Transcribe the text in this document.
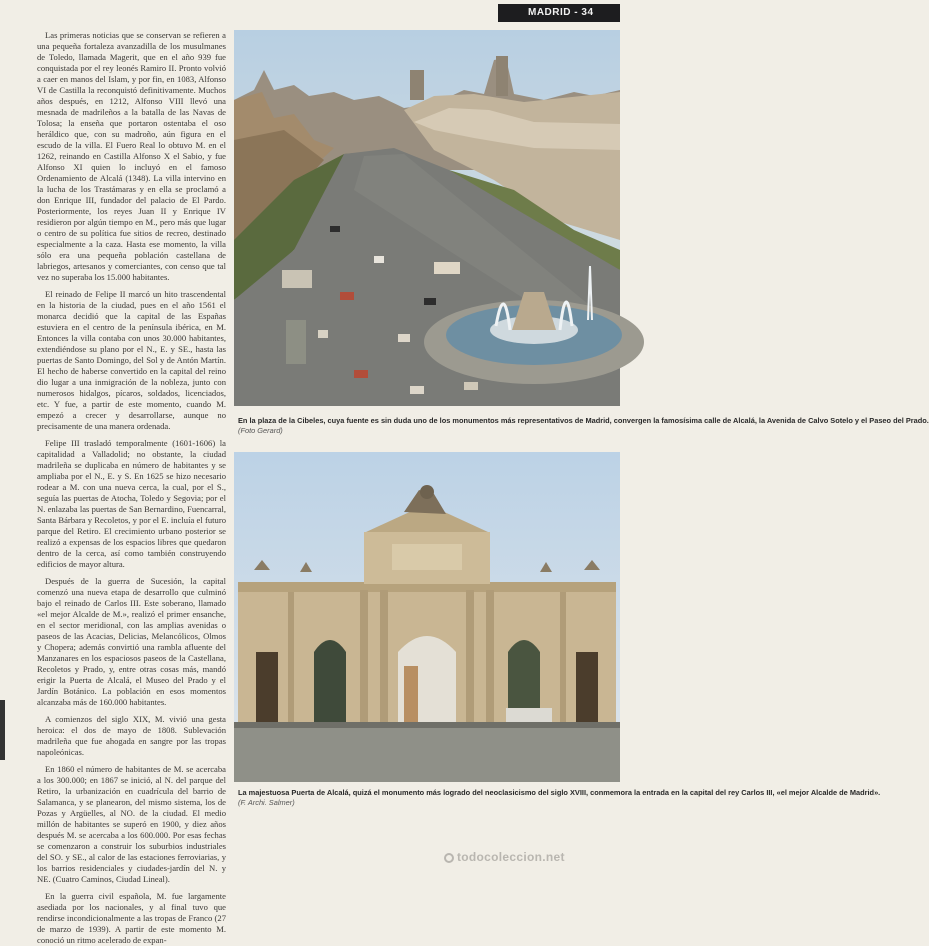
MADRID - 34

Las primeras noticias que se conservan se refieren a una pequeña fortaleza avanzadilla de los musulmanes de Toledo, llamada Magerit, que en el año 939 fue conquistada por el rey leonés Ramiro II. Pronto volvió a caer en manos del Islam, y por fin, en 1083, Alfonso VI de Castilla la reconquistó definitivamente. Muchos años después, en 1212, Alfonso VIII llevó una mesnada de madrileños a la batalla de las Navas de Tolosa; la enseña que portaron ostentaba el oso heráldico que, con su madroño, aún figura en el escudo de la villa. El Fuero Real lo obtuvo M. en el 1262, reinando en Castilla Alfonso X el Sabio, y fue Alfonso XI quien lo incluyó en el famoso Ordenamiento de Alcalá (1348). La villa intervino en la lucha de los Trastámaras y en ella se proclamó a don Enrique III, fundador del palacio de El Pardo. Posteriormente, los reyes Juan II y Enrique IV residieron por algún tiempo en M., pero más que lugar o centro de su política fue sitios de recreo, destinado especialmente a la caza. Hasta ese momento, la villa sólo era una pequeña población castellana de labriegos, artesanos y comerciantes, con censo que tal vez no superaba los 15.000 habitantes.

El reinado de Felipe II marcó un hito trascendental en la historia de la ciudad, pues en el año 1561 el monarca decidió que la capital de las Españas estuviera en el centro de la península ibérica, en M. Entonces la villa contaba con unos 30.000 habitantes, extendiéndose su plano por el N., E. y SE., hasta las puertas de Santo Domingo, del Sol y de Antón Martín. El hecho de haberse convertido en la capital del reino dio lugar a una inmigración de la nobleza, junto con numerosos hidalgos, pícaros, soldados, licenciados, etc. Y fue, a partir de este momento, cuando M. empezó a crecer y desarrollarse, aunque no precisamente de una manera ordenada.

Felipe III trasladó temporalmente (1601-1606) la capitalidad a Valladolid; no obstante, la ciudad madrileña se duplicaba en número de habitantes y se ampliaba por el N., E. y S. En 1625 se hizo necesario rodear a M. con una nueva cerca, la cual, por el S., seguía las puertas de Atocha, Toledo y Segovia; por el N. enlazaba las puertas de San Bernardino, Fuencarral, Santa Bárbara y Recoletos, y por el E. incluía el futuro parque del Retiro. El crecimiento urbano posterior se realizó a expensas de los espacios libres que quedaron dentro de la cerca, así como también construyendo edificios de mayor altura.

Después de la guerra de Sucesión, la capital comenzó una nueva etapa de desarrollo que culminó bajo el reinado de Carlos III. Este soberano, llamado «el mejor Alcalde de M.», realizó el primer ensanche, en el sector meridional, con las amplias avenidas o paseos de las Acacias, Delicias, Melancólicos, Olmos y Chopera; además convirtió una rambla afluente del Manzanares en los espaciosos paseos de la Castellana, Recoletos y Prado, y, entre otras cosas más, mandó erigir la Puerta de Alcalá, el Museo del Prado y el Jardín Botánico. La población en esos momentos alcanzaba más de 160.000 habitantes.

A comienzos del siglo XIX, M. vivió una gesta heroica: el dos de mayo de 1808. Sublevación madrileña que fue ahogada en sangre por las tropas napoleónicas.

En 1860 el número de habitantes de M. se acercaba a los 300.000; en 1867 se inició, al N. del parque del Retiro, la urbanización en cuadrícula del barrio de Salamanca, y se planearon, del mismo sistema, los de Pozas y Argüelles, al NO. de la ciudad. El medio millón de habitantes se superó en 1900, y diez años después M. se acercaba a los 600.000. Por esas fechas se comenzaron a construir los suburbios industriales del SO. y SE., al calor de las estaciones ferroviarias, y los barrios residenciales y ciudades-jardín del N. y NE. (Cuatro Caminos, Ciudad Lineal).

En la guerra civil española, M. fue largamente asediada por los nacionales, y al final tuvo que rendirse incondicionalmente a las tropas de Franco (27 de marzo de 1939). A partir de este momento M. conoció un ritmo acelerado de expan-

En la plaza de la Cibeles, cuya fuente es sin duda uno de los monumentos más representativos de Madrid, convergen la famosísima calle de Alcalá, la Avenida de Calvo Sotelo y el Paseo del Prado.
(Foto Gerard)
La majestuosa Puerta de Alcalá, quizá el monumento más logrado del neoclasicismo del siglo XVIII, conmemora la entrada en la capital del rey Carlos III, «el mejor Alcalde de Madrid».
(F. Archi. Salmer)
todocoleccion.net
